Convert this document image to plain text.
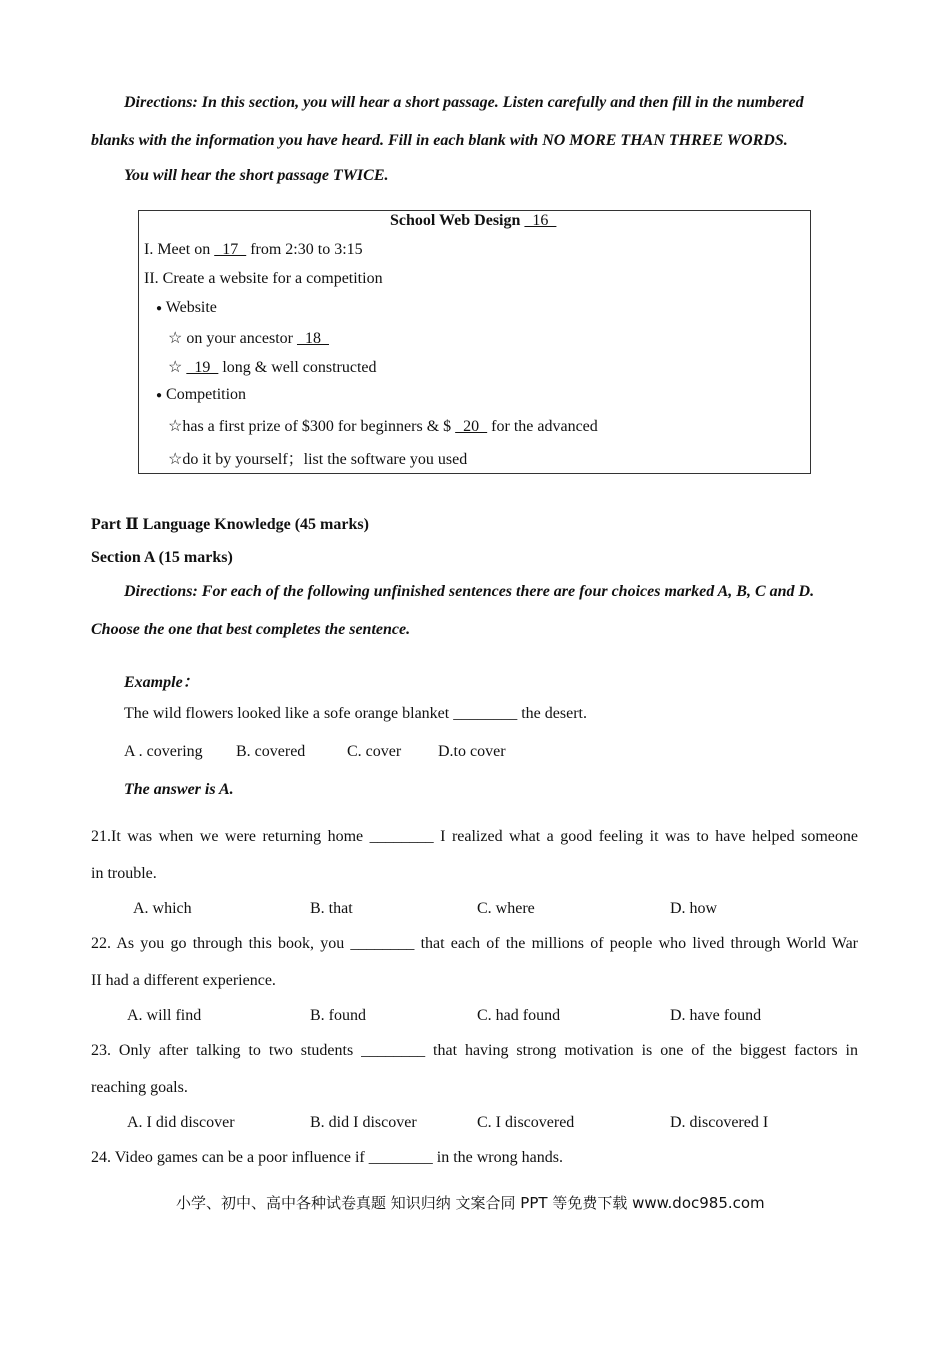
Directions: In this section, you will hear a short passage. Listen carefully and then fill in the numbered
blanks with the information you have heard. Fill in each blank with NO MORE THAN THREE WORDS.
You will hear the short passage TWICE.
School Web Design   16
I. Meet on   17   from 2:30 to 3:15
II. Create a website for a competition
● Website
☆ on your ancestor   18
☆   19   long & well constructed
● Competition
☆has a first prize of $300 for beginners & $   20   for the advanced
☆do it by yourself；list the software you used
Part Ⅱ Language Knowledge (45 marks)
Section A (15 marks)
Directions: For each of the following unfinished sentences there are four choices marked A, B, C and D.
Choose the one that best completes the sentence.
Example：
The wild flowers looked like a sofe orange blanket ________ the desert.
A . covering B. covered	C. cover D.to cover
The answer is A.
21.It was when we were returning home ________ I realized what a good feeling it was to have helped someone
in trouble.
A. which	B. that	C. where	D. how
22. As you go through this book, you ________ that each of the millions of people who lived through World War
II had a different experience.
A. will find	B. found	C. had found	D. have found
23. Only after talking to two students ________ that having strong motivation is one of the biggest factors in
reaching goals.
A. I did discover	B. did I discover	C. I discovered	D. discovered I
24. Video games can be a poor influence if ________ in the wrong hands.
小学、初中、高中各种试卷真题 知识归纳 文案合同 PPT 等免费下载 www.doc985.com
